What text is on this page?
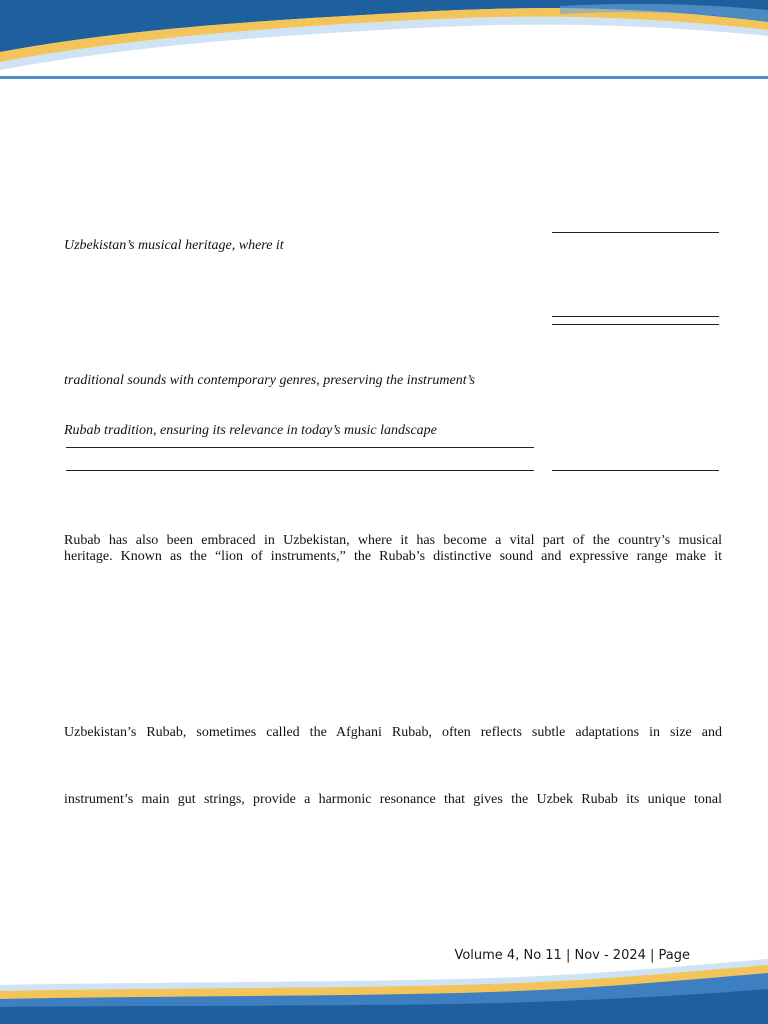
Uzbekistan’s musical heritage, where it
traditional sounds with contemporary genres, preserving the instrument’s
Rubab tradition, ensuring its relevance in today’s music landscape
Rubab has also been embraced in Uzbekistan, where it has become a vital part of the country’s musical
heritage. Known as the “lion of instruments,” the Rubab’s distinctive sound and expressive range make it
Uzbekistan’s Rubab, sometimes called the Afghani Rubab, often reflects subtle adaptations in size and
instrument’s main gut strings, provide a harmonic resonance that gives the Uzbek Rubab its unique tonal
Volume 4, No 11 | Nov - 2024 | Page
